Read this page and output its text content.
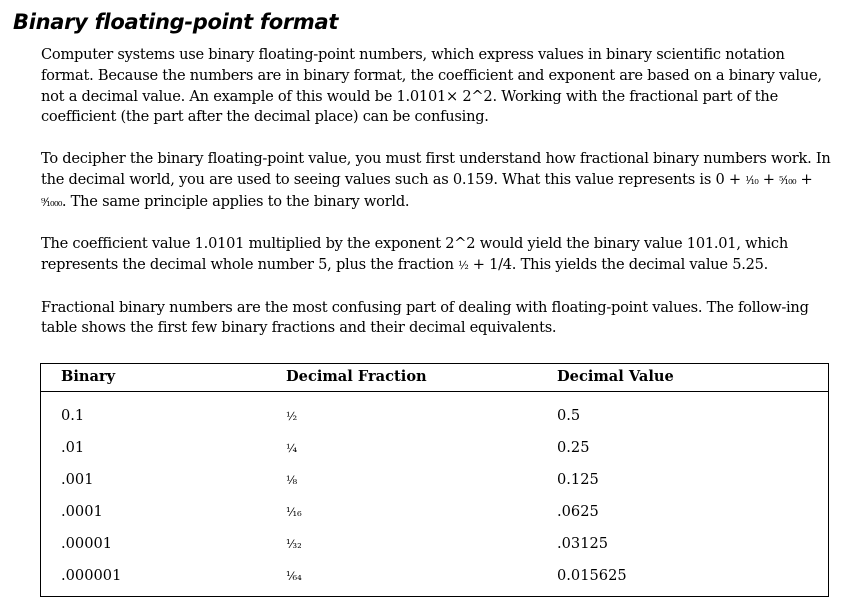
Binary floating-point format

Computer systems use binary floating-point numbers, which express values in binary scientific notation format. Because the numbers are in binary format, the coefficient and exponent are based on a binary value, not a decimal value. An example of this would be 1.0101× 2^2. Working with the fractional part of the coefficient (the part after the decimal place) can be confusing.

To decipher the binary floating-point value, you must first understand how fractional binary numbers work. In the decimal world, you are used to seeing values such as 0.159. What this value represents is 0 + ¹⁄₁₀ + ⁵⁄₁₀₀ + ⁹⁄₁₀₀₀. The same principle applies to the binary world.

The coefficient value 1.0101 multiplied by the exponent 2^2 would yield the binary value 101.01, which represents the decimal whole number 5, plus the fraction ½ + 1/4. This yields the decimal value 5.25.

Fractional binary numbers are the most confusing part of dealing with floating-point values. The follow-ing table shows the first few binary fractions and their decimal equivalents.

Binary	Decimal Fraction	Decimal Value
0.1	½	0.5
.01	¼	0.25
.001	⅛	0.125
.0001	¹⁄₁₆	.0625
.00001	¹⁄₃₂	.03125
.000001	¹⁄₆₄	0.015625
